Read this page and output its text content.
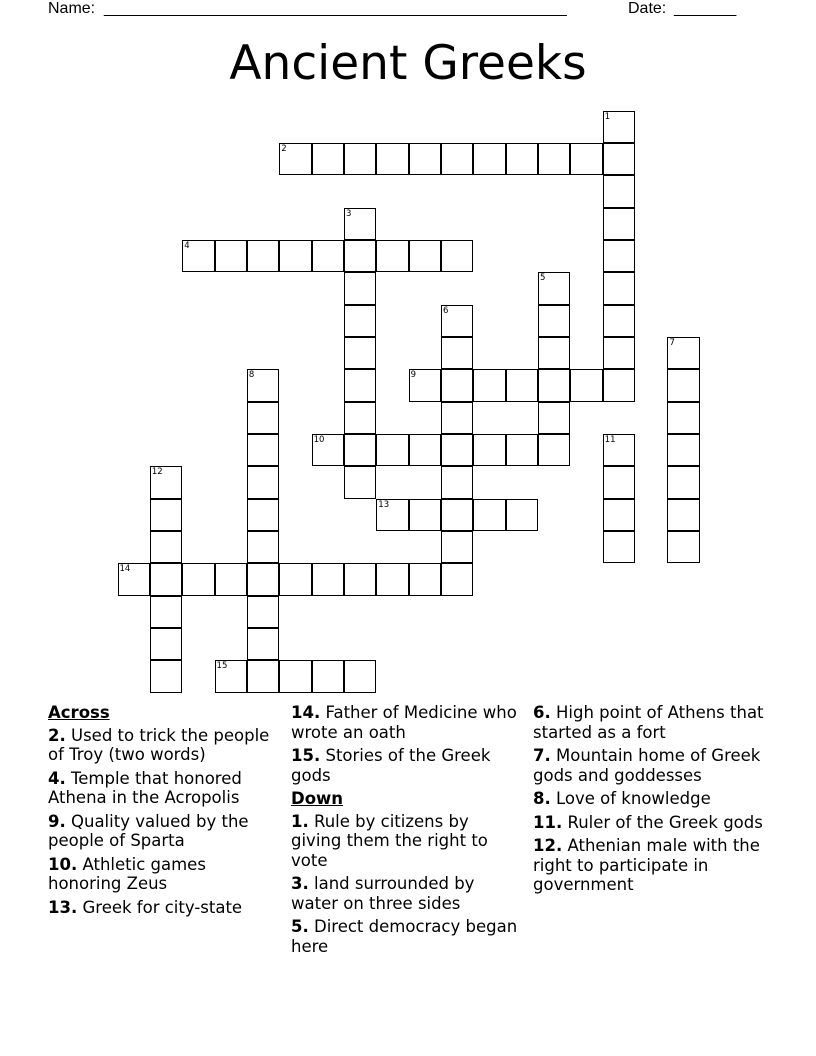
Name: ____________________________________________________	Date: _______
Ancient Greeks
1
2
3
4
5
6
7
8	9
10	11
12
13
14
15
Across
2. Used to trick the people of Troy (two words)
4. Temple that honored Athena in the Acropolis
9. Quality valued by the people of Sparta
10. Athletic games honoring Zeus
13. Greek for city-state
14. Father of Medicine who wrote an oath
15. Stories of the Greek gods
Down
1. Rule by citizens by giving them the right to vote
3. land surrounded by water on three sides
5. Direct democracy began here
6. High point of Athens that started as a fort
7. Mountain home of Greek gods and goddesses
8. Love of knowledge
11. Ruler of the Greek gods
12. Athenian male with the right to participate in government
